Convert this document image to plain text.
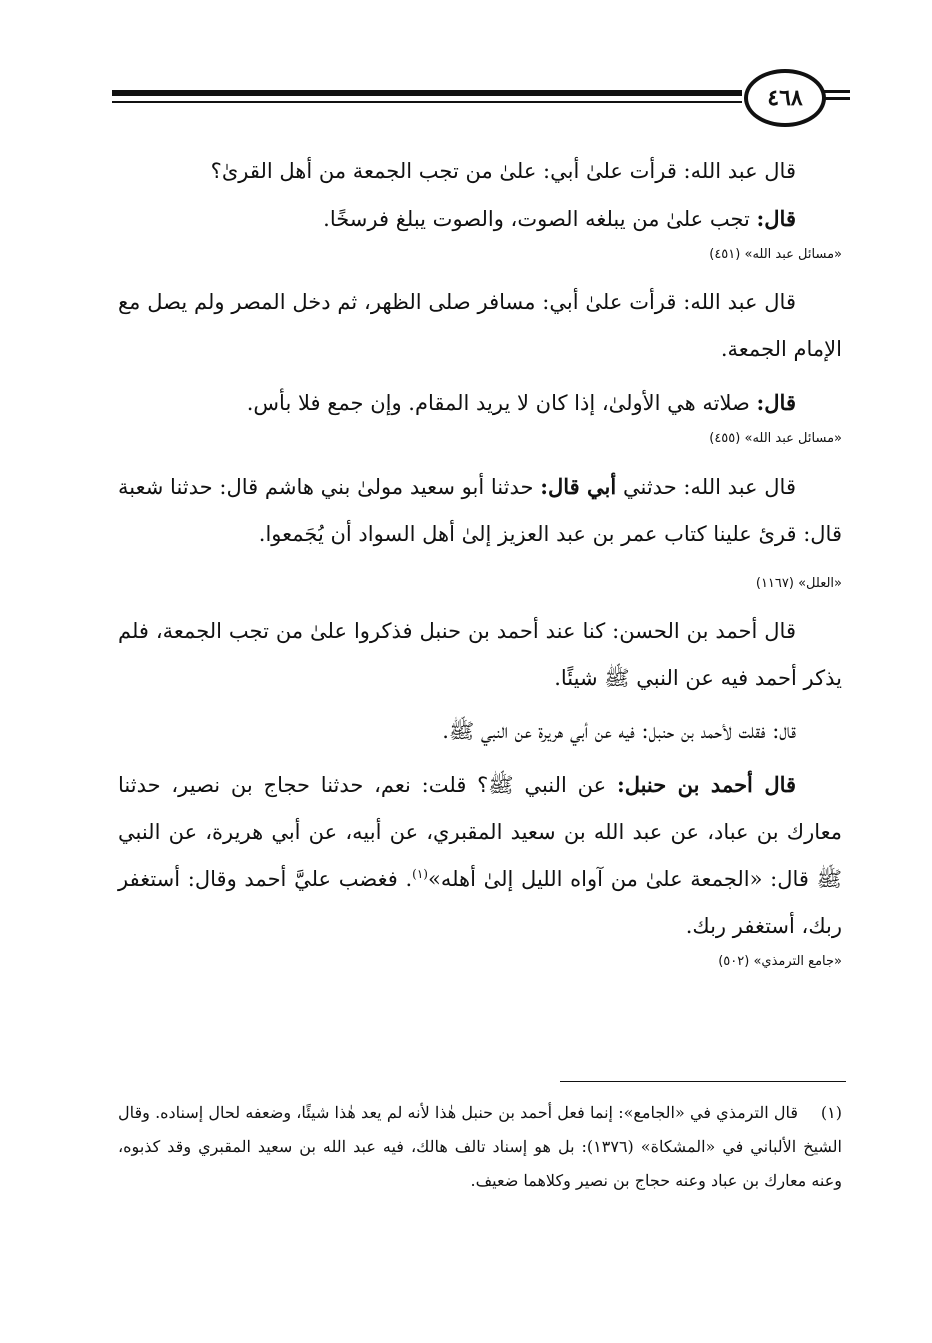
٤٦٨

قال عبد الله: قرأت علىٰ أبي: علىٰ من تجب الجمعة من أهل القرىٰ؟

قال: تجب علىٰ من يبلغه الصوت، والصوت يبلغ فرسخًا.

«مسائل عبد الله» (٤٥١)

قال عبد الله: قرأت علىٰ أبي: مسافر صلى الظهر، ثم دخل المصر ولم يصل مع الإمام الجمعة.

قال: صلاته هي الأولىٰ، إذا كان لا يريد المقام. وإن جمع فلا بأس.

«مسائل عبد الله» (٤٥٥)

قال عبد الله: حدثني أبي قال: حدثنا أبو سعيد مولىٰ بني هاشم قال: حدثنا شعبة قال: قرئ علينا كتاب عمر بن عبد العزيز إلىٰ أهل السواد أن يُجَمعوا.

«العلل» (١١٦٧)

قال أحمد بن الحسن: كنا عند أحمد بن حنبل فذكروا علىٰ من تجب الجمعة، فلم يذكر أحمد فيه عن النبي ﷺ شيئًا.

قال: فقلت لأحمد بن حنبل: فيه عن أبي هريرة عن النبي ﷺ.

قال أحمد بن حنبل: عن النبي ﷺ؟ قلت: نعم، حدثنا حجاج بن نصير، حدثنا معارك بن عباد، عن عبد الله بن سعيد المقبري، عن أبيه، عن أبي هريرة، عن النبي ﷺ قال: «الجمعة علىٰ من آواه الليل إلىٰ أهله»$^{(١)}$. فغضب عليَّ أحمد وقال: أستغفر ربك، أستغفر ربك.

«جامع الترمذي» (٥٠٢)

(١)قال الترمذي في «الجامع»: إنما فعل أحمد بن حنبل هٰذا لأنه لم يعد هٰذا شيئًا، وضعفه لحال إسناده. وقال الشيخ الألباني في «المشكاة» (١٣٧٦): بل هو إسناد تالف هالك، فيه عبد الله بن سعيد المقبري وقد كذبوه، وعنه معارك بن عباد وعنه حجاج بن نصير وكلاهما ضعيف.
